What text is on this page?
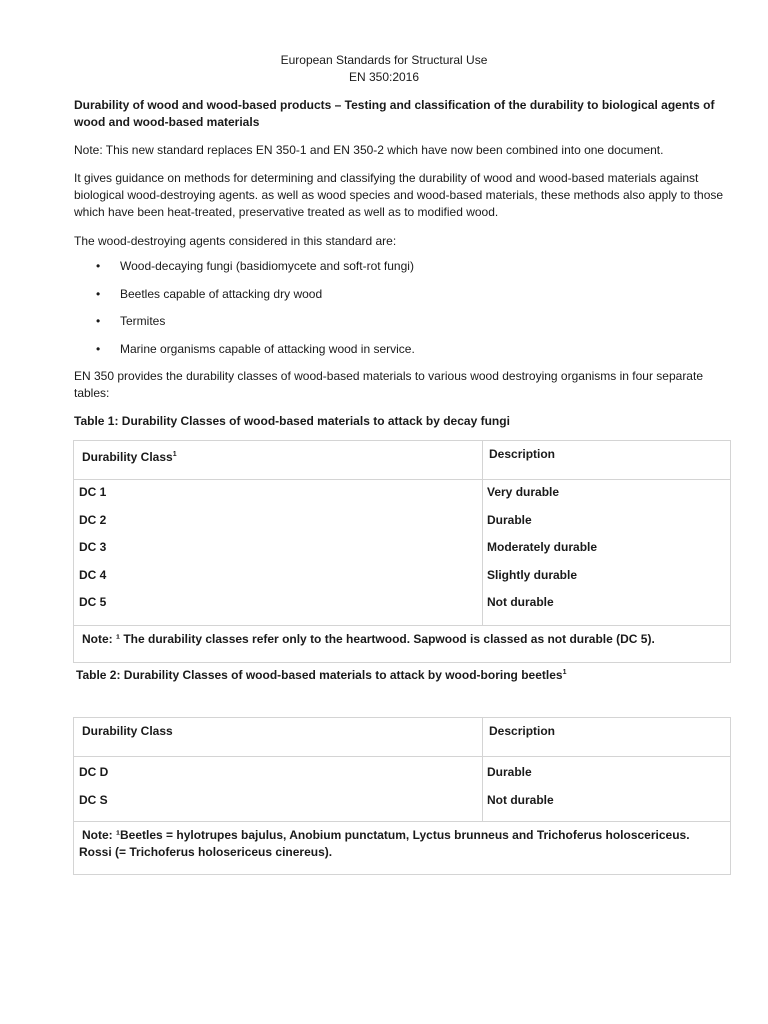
European Standards for Structural Use
EN 350:2016
Durability of wood and wood-based products – Testing and classification of the durability to biological agents of wood and wood-based materials
Note: This new standard replaces EN 350-1 and EN 350-2 which have now been combined into one document.
It gives guidance on methods for determining and classifying the durability of wood and wood-based materials against biological wood-destroying agents. as well as wood species and wood-based materials, these methods also apply to those which have been heat-treated, preservative treated as well as to modified wood.
The wood-destroying agents considered in this standard are:
• Wood-decaying fungi (basidiomycete and soft-rot fungi)
• Beetles capable of attacking dry wood
• Termites
• Marine organisms capable of attacking wood in service.
EN 350 provides the durability classes of wood-based materials to various wood destroying organisms in four separate tables:
Table 1: Durability Classes of wood-based materials to attack by decay fungi
Durability Class$^1$	Description
DC 1	Very durable
DC 2	Durable
DC 3	Moderately durable
DC 4	Slightly durable
DC 5	Not durable
Note: ¹ The durability classes refer only to the heartwood. Sapwood is classed as not durable (DC 5).
Table 2: Durability Classes of wood-based materials to attack by wood-boring beetles$^1$
Durability Class	Description
DC D	Durable
DC S	Not durable
Note: ¹Beetles = hylotrupes bajulus, Anobium punctatum, Lyctus brunneus and Trichoferus holoscericeus.
Rossi (= Trichoferus holosericeus cinereus).
